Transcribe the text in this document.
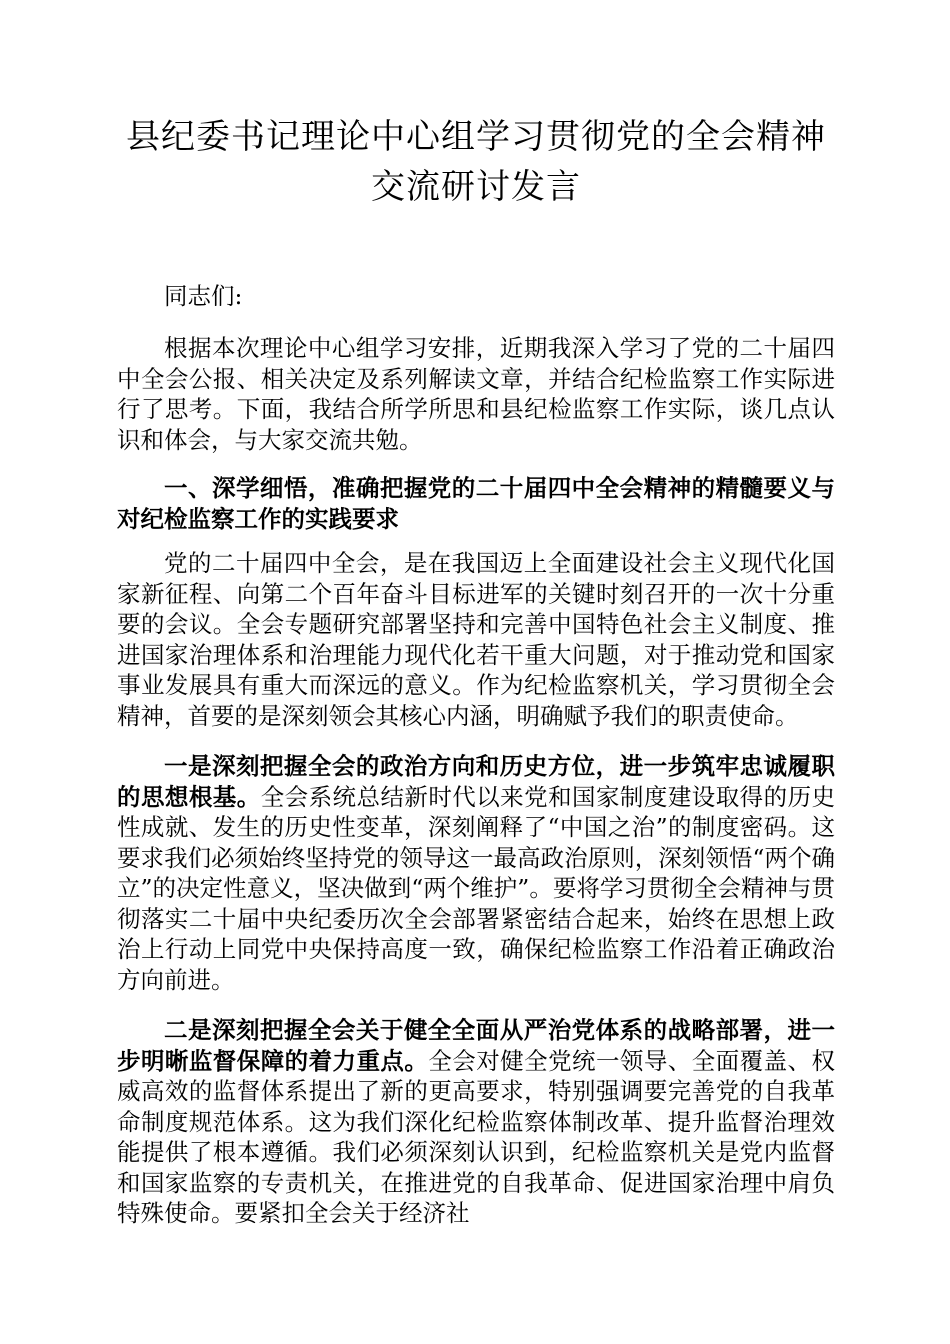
县纪委书记理论中心组学习贯彻党的全会精神
交流研讨发言

同志们:

根据本次理论中心组学习安排，近期我深入学习了党的二十届四中全会公报、相关决定及系列解读文章，并结合纪检监察工作实际进行了思考。下面，我结合所学所思和县纪检监察工作实际，谈几点认识和体会，与大家交流共勉。

一、深学细悟，准确把握党的二十届四中全会精神的精髓要义与对纪检监察工作的实践要求

党的二十届四中全会，是在我国迈上全面建设社会主义现代化国家新征程、向第二个百年奋斗目标进军的关键时刻召开的一次十分重要的会议。全会专题研究部署坚持和完善中国特色社会主义制度、推进国家治理体系和治理能力现代化若干重大问题，对于推动党和国家事业发展具有重大而深远的意义。作为纪检监察机关，学习贯彻全会精神，首要的是深刻领会其核心内涵，明确赋予我们的职责使命。

一是深刻把握全会的政治方向和历史方位，进一步筑牢忠诚履职的思想根基。全会系统总结新时代以来党和国家制度建设取得的历史性成就、发生的历史性变革，深刻阐释了“中国之治”的制度密码。这要求我们必须始终坚持党的领导这一最高政治原则，深刻领悟“两个确立”的决定性意义，坚决做到“两个维护”。要将学习贯彻全会精神与贯彻落实二十届中央纪委历次全会部署紧密结合起来，始终在思想上政治上行动上同党中央保持高度一致，确保纪检监察工作沿着正确政治方向前进。

二是深刻把握全会关于健全全面从严治党体系的战略部署，进一步明晰监督保障的着力重点。全会对健全党统一领导、全面覆盖、权威高效的监督体系提出了新的更高要求，特别强调要完善党的自我革命制度规范体系。这为我们深化纪检监察体制改革、提升监督治理效能提供了根本遵循。我们必须深刻认识到，纪检监察机关是党内监督和国家监察的专责机关，在推进党的自我革命、促进国家治理中肩负特殊使命。要紧扣全会关于经济社
